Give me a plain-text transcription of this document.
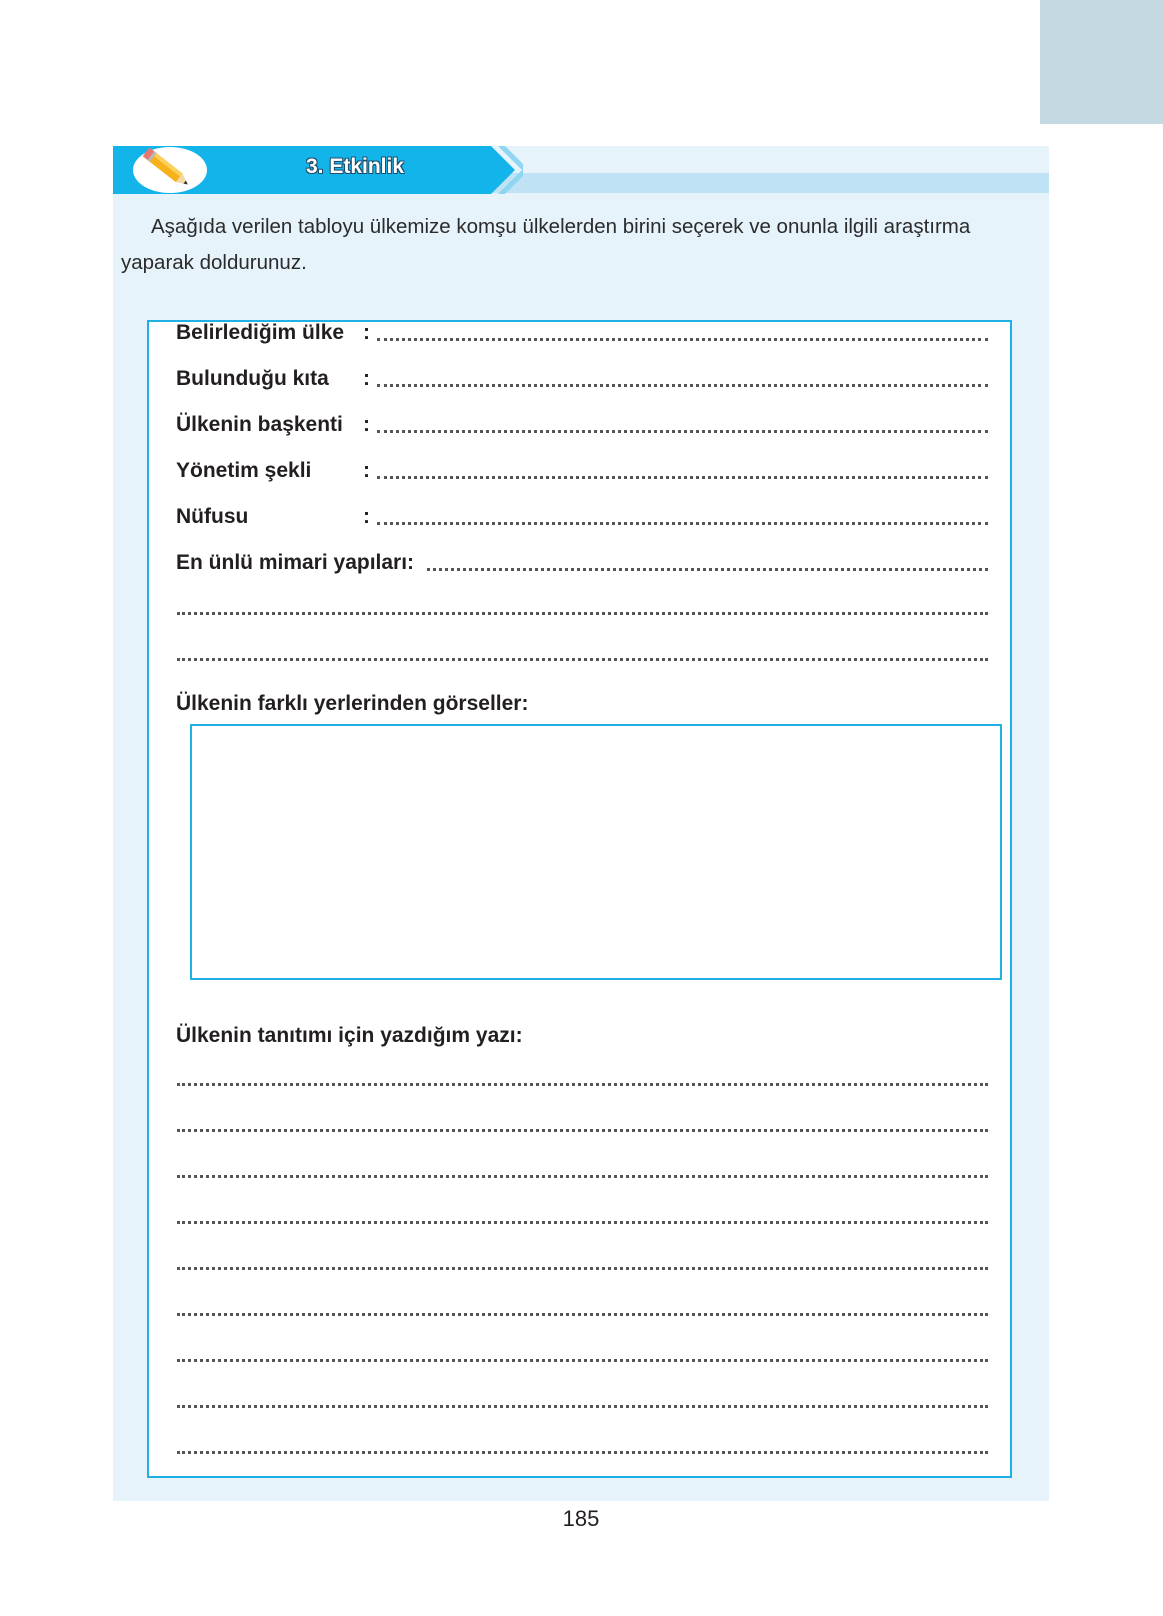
3. Etkinlik
Aşağıda verilen tabloyu ülkemize komşu ülkelerden birini seçerek ve onunla ilgili araştırma yaparak doldurunuz.
Belirlediğim ülke :
Bulunduğu kıta :
Ülkenin başkenti :
Yönetim şekli :
Nüfusu	:
En ünlü mimari yapıları:
Ülkenin farklı yerlerinden görseller:
Ülkenin tanıtımı için yazdığım yazı:
185
